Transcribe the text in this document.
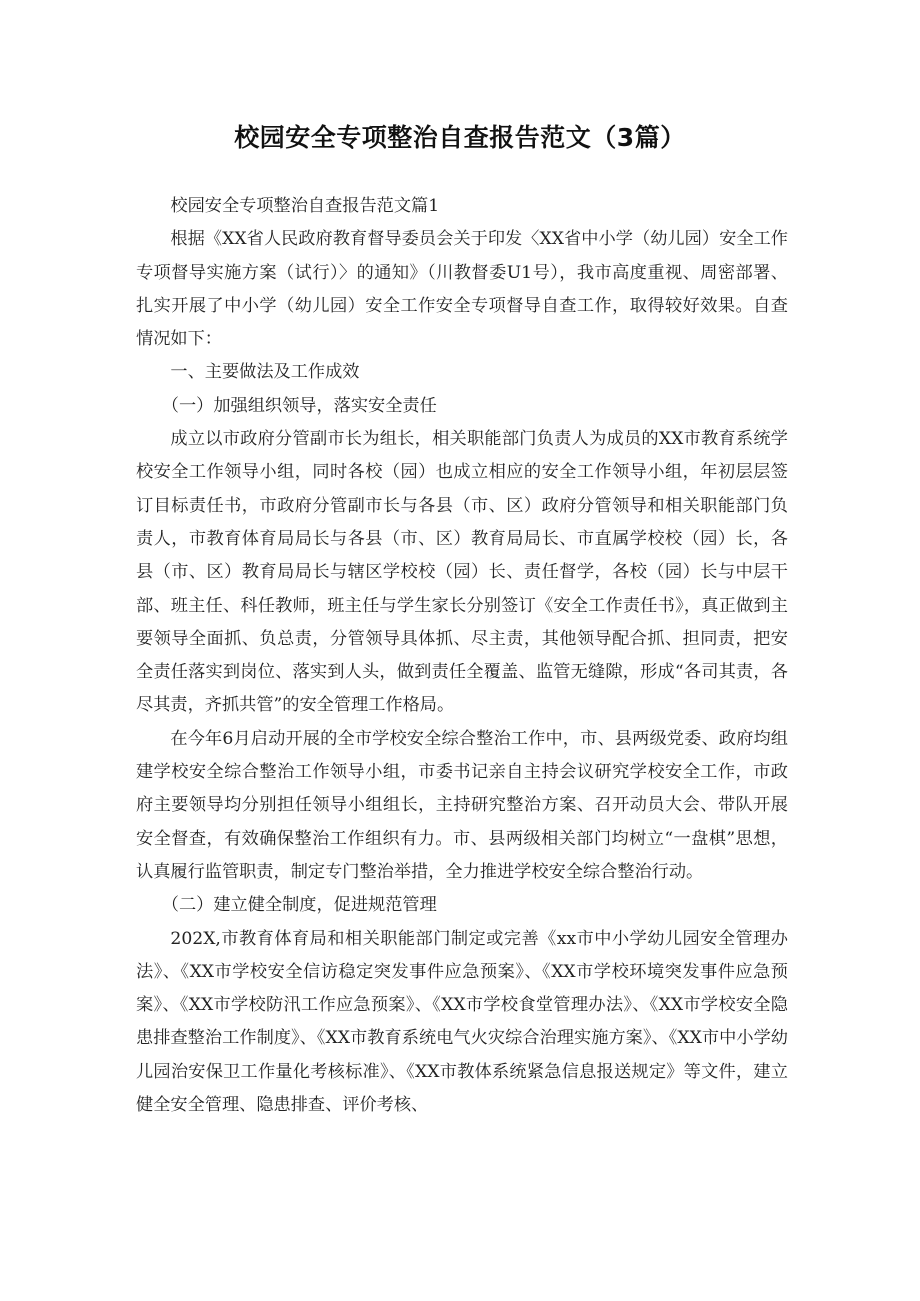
校园安全专项整治自查报告范文（3篇）

校园安全专项整治自查报告范文篇1

根据《XX省人民政府教育督导委员会关于印发〈XX省中小学（幼儿园）安全工作专项督导实施方案（试行）〉的通知》（川教督委U1号），我市高度重视、周密部署、扎实开展了中小学（幼儿园）安全工作安全专项督导自查工作，取得较好效果。自查情况如下：

一、主要做法及工作成效

（一）加强组织领导，落实安全责任

成立以市政府分管副市长为组长，相关职能部门负责人为成员的XX市教育系统学校安全工作领导小组，同时各校（园）也成立相应的安全工作领导小组，年初层层签订目标责任书，市政府分管副市长与各县（市、区）政府分管领导和相关职能部门负责人，市教育体育局局长与各县（市、区）教育局局长、市直属学校校（园）长，各县（市、区）教育局局长与辖区学校校（园）长、责任督学，各校（园）长与中层干部、班主任、科任教师，班主任与学生家长分别签订《安全工作责任书》，真正做到主要领导全面抓、负总责，分管领导具体抓、尽主责，其他领导配合抓、担同责，把安全责任落实到岗位、落实到人头，做到责任全覆盖、监管无缝隙，形成“各司其责，各尽其责，齐抓共管”的安全管理工作格局。

在今年6月启动开展的全市学校安全综合整治工作中，市、县两级党委、政府均组建学校安全综合整治工作领导小组，市委书记亲自主持会议研究学校安全工作，市政府主要领导均分别担任领导小组组长，主持研究整治方案、召开动员大会、带队开展安全督查，有效确保整治工作组织有力。市、县两级相关部门均树立“一盘棋”思想，认真履行监管职责，制定专门整治举措，全力推进学校安全综合整治行动。

（二）建立健全制度，促进规范管理

202X,市教育体育局和相关职能部门制定或完善《xx市中小学幼儿园安全管理办法》、《XX市学校安全信访稳定突发事件应急预案》、《XX市学校环境突发事件应急预案》、《XX市学校防汛工作应急预案》、《XX市学校食堂管理办法》、《XX市学校安全隐患排查整治工作制度》、《XX市教育系统电气火灾综合治理实施方案》、《XX市中小学幼儿园治安保卫工作量化考核标准》、《XX市教体系统紧急信息报送规定》等文件，建立健全安全管理、隐患排查、评价考核、
